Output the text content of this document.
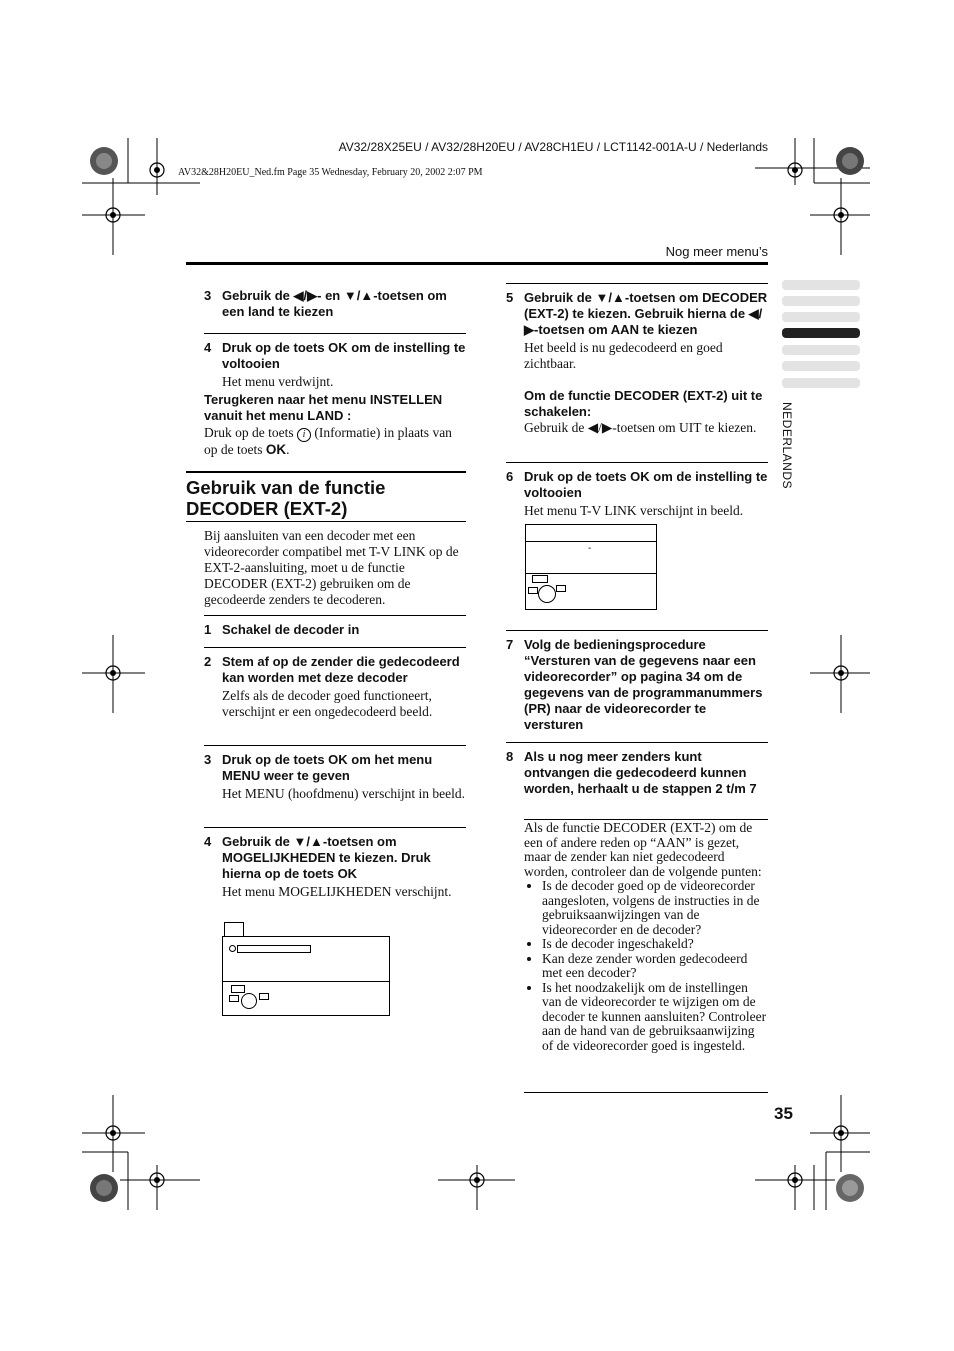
AV32/28X25EU / AV32/28H20EU / AV28CH1EU / LCT1142-001A-U / Nederlands
AV32&28H20EU_Ned.fm Page 35 Wednesday, February 20, 2002 2:07 PM
Nog meer menu’s
NEDERLANDS
3 Gebruik de ◀/▶- en ▼/▲-toetsen om een land te kiezen
4 Druk op de toets OK om de instelling te voltooien
Het menu verdwijnt.
Terugkeren naar het menu INSTELLEN vanuit het menu LAND :
Druk op de toets i (Informatie) in plaats van op de toets OK.
Gebruik van de functie
DECODER (EXT-2)
Bij aansluiten van een decoder met een videorecorder compatibel met T-V LINK op de EXT-2-aansluiting, moet u de functie DECODER (EXT-2) gebruiken om de gecodeerde zenders te decoderen.
1 Schakel de decoder in
2 Stem af op de zender die gedecodeerd kan worden met deze decoder
Zelfs als de decoder goed functioneert, verschijnt er een ongedecodeerd beeld.
3 Druk op de toets OK om het menu MENU weer te geven
Het MENU (hoofdmenu) verschijnt in beeld.
4 Gebruik de ▼/▲-toetsen om MOGELIJKHEDEN te kiezen. Druk hierna op de toets OK
Het menu MOGELIJKHEDEN verschijnt.
5 Gebruik de ▼/▲-toetsen om DECODER (EXT-2) te kiezen. Gebruik hierna de ◀/▶-toetsen om AAN te kiezen
Het beeld is nu gedecodeerd en goed zichtbaar.
Om de functie DECODER (EXT-2) uit te schakelen:
Gebruik de ◀/▶-toetsen om UIT te kiezen.
6 Druk op de toets OK om de instelling te voltooien
Het menu T-V LINK verschijnt in beeld.
-
7 Volg de bedieningsprocedure “Versturen van de gegevens naar een videorecorder” op pagina 34 om de gegevens van de programmanummers (PR) naar de videorecorder te versturen
8 Als u nog meer zenders kunt ontvangen die gedecodeerd kunnen worden, herhaalt u de stappen 2 t/m 7
Als de functie DECODER (EXT-2) om de een of andere reden op “AAN” is gezet, maar de zender kan niet gedecodeerd worden, controleer dan de volgende punten:
• Is de decoder goed op de videorecorder aangesloten, volgens de instructies in de gebruiksaanwijzingen van de videorecorder en de decoder?
• Is de decoder ingeschakeld?
• Kan deze zender worden gedecodeerd met een decoder?
• Is het noodzakelijk om de instellingen van de videorecorder te wijzigen om de decoder te kunnen aansluiten? Controleer aan de hand van de gebruiksaanwijzing of de videorecorder goed is ingesteld.
35
